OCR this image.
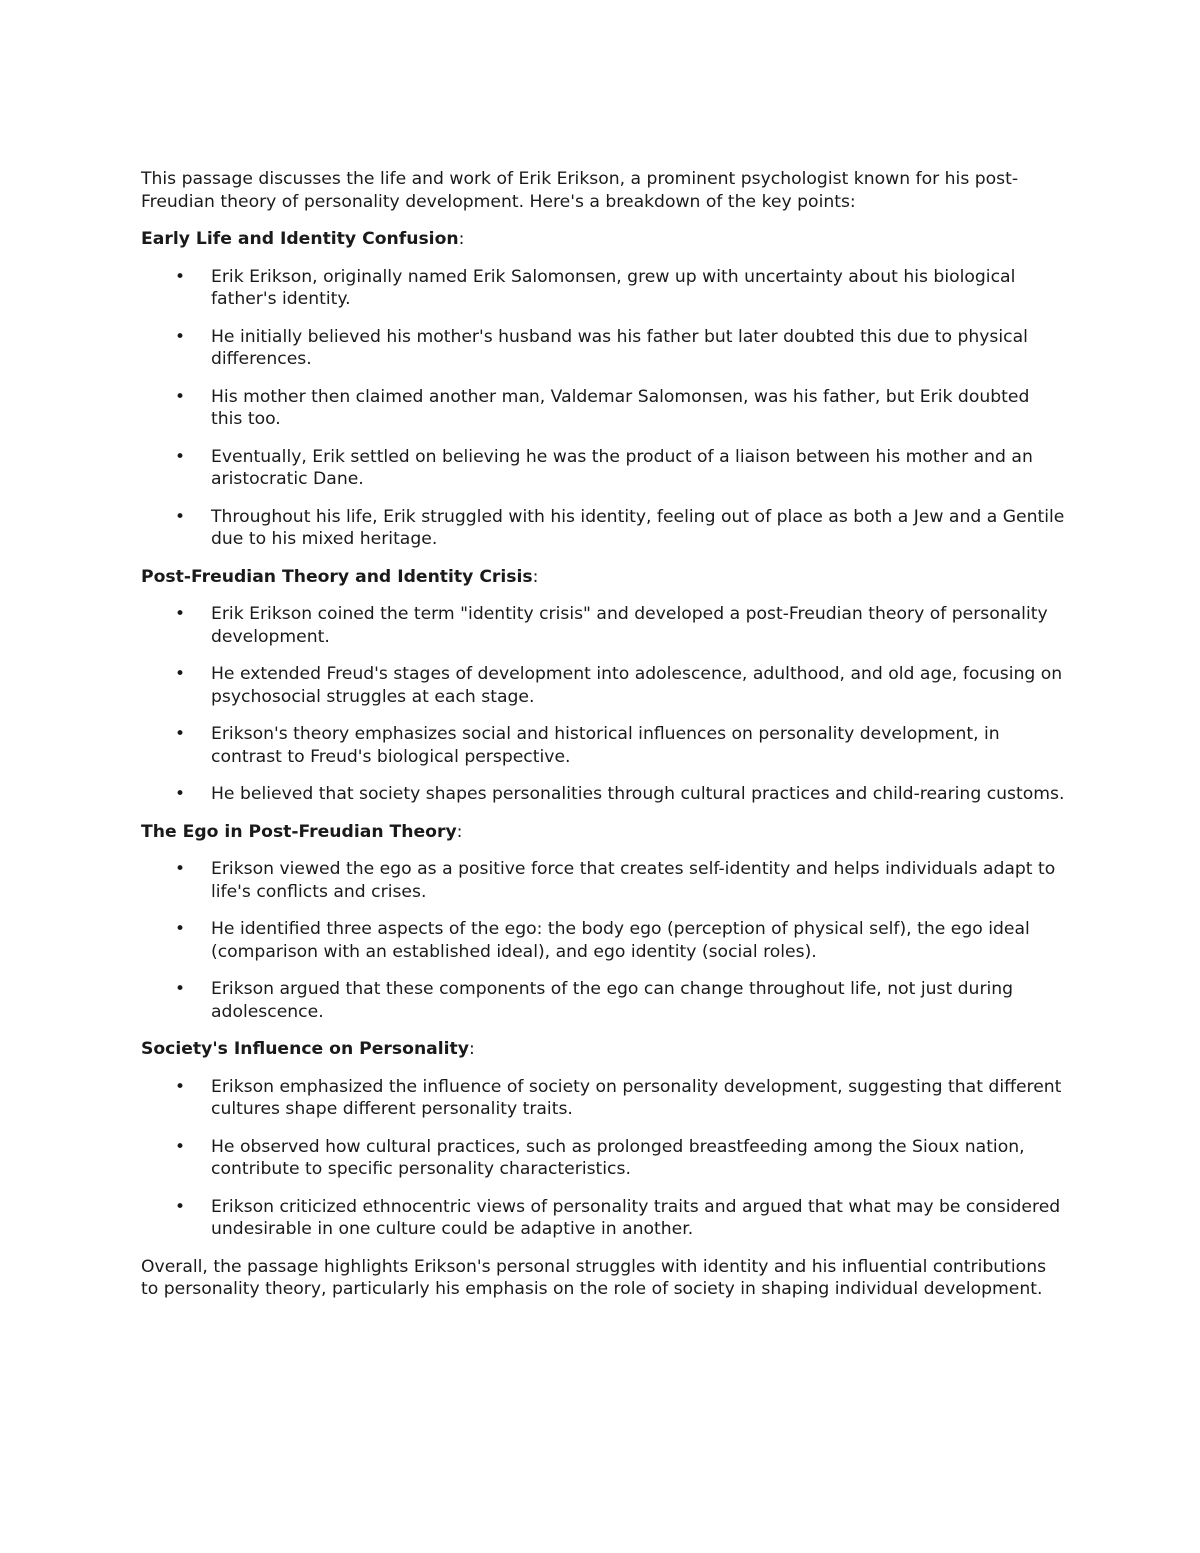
This passage discusses the life and work of Erik Erikson, a prominent psychologist known for his post-Freudian theory of personality development. Here's a breakdown of the key points:

Early Life and Identity Confusion:

• Erik Erikson, originally named Erik Salomonsen, grew up with uncertainty about his biological father's identity.
• He initially believed his mother's husband was his father but later doubted this due to physical differences.
• His mother then claimed another man, Valdemar Salomonsen, was his father, but Erik doubted this too.
• Eventually, Erik settled on believing he was the product of a liaison between his mother and an aristocratic Dane.
• Throughout his life, Erik struggled with his identity, feeling out of place as both a Jew and a Gentile due to his mixed heritage.

Post-Freudian Theory and Identity Crisis:

• Erik Erikson coined the term "identity crisis" and developed a post-Freudian theory of personality development.
• He extended Freud's stages of development into adolescence, adulthood, and old age, focusing on psychosocial struggles at each stage.
• Erikson's theory emphasizes social and historical influences on personality development, in contrast to Freud's biological perspective.
• He believed that society shapes personalities through cultural practices and child-rearing customs.

The Ego in Post-Freudian Theory:

• Erikson viewed the ego as a positive force that creates self-identity and helps individuals adapt to life's conflicts and crises.
• He identified three aspects of the ego: the body ego (perception of physical self), the ego ideal (comparison with an established ideal), and ego identity (social roles).
• Erikson argued that these components of the ego can change throughout life, not just during adolescence.

Society's Influence on Personality:

• Erikson emphasized the influence of society on personality development, suggesting that different cultures shape different personality traits.
• He observed how cultural practices, such as prolonged breastfeeding among the Sioux nation, contribute to specific personality characteristics.
• Erikson criticized ethnocentric views of personality traits and argued that what may be considered undesirable in one culture could be adaptive in another.

Overall, the passage highlights Erikson's personal struggles with identity and his influential contributions to personality theory, particularly his emphasis on the role of society in shaping individual development.
